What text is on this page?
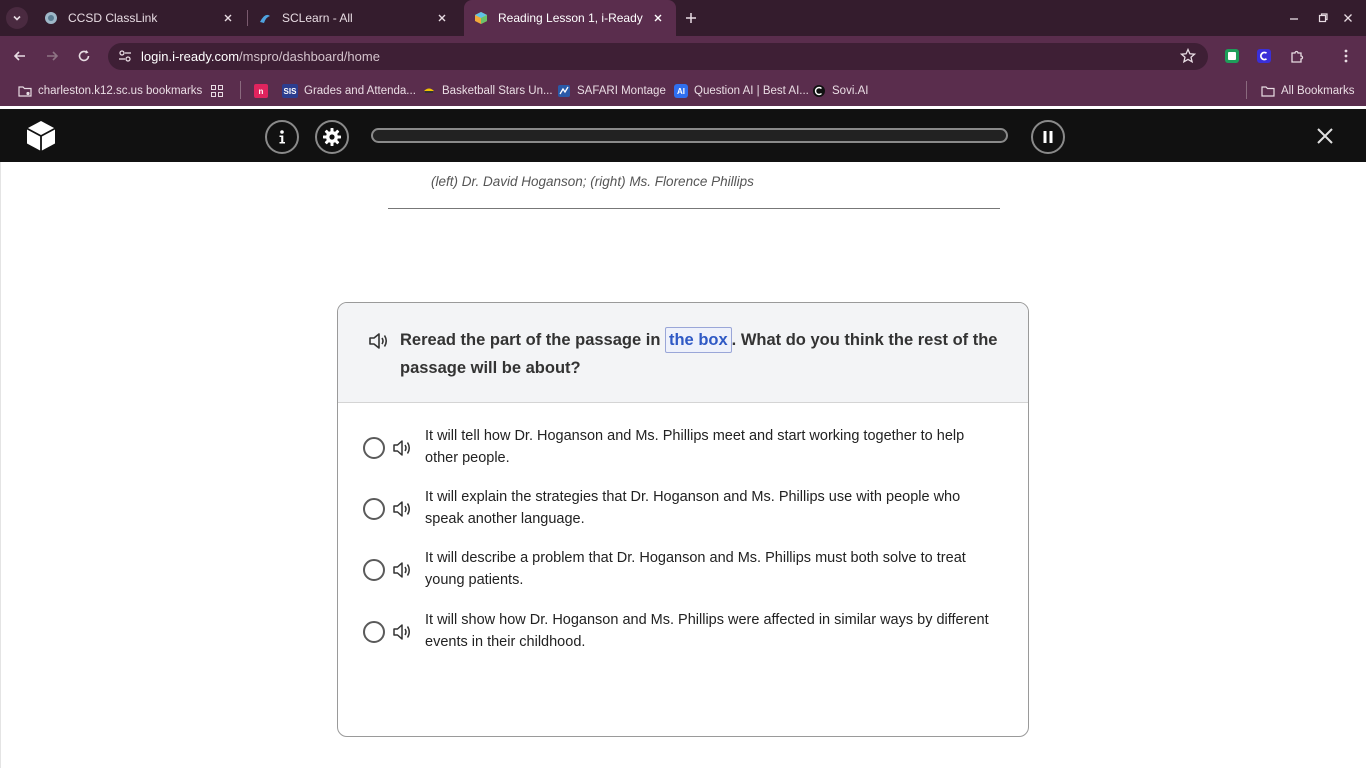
CCSD ClassLink	SCLearn - All	Reading Lesson 1, i-Ready
login.i-ready.com/mspro/dashboard/home
charleston.k12.sc.us bookmarks	n	SIS Grades and Attenda... Basketball Stars Un... SAFARI Montage	AI Question AI | Best AI... Sovi.AI	All Bookmarks
(left) Dr. David Hoganson; (right) Ms. Florence Phillips
Reread the part of the passage in the box . What do you think the rest of the passage will be about?
It will tell how Dr. Hoganson and Ms. Phillips meet and start working together to help other people.
It will explain the strategies that Dr. Hoganson and Ms. Phillips use with people who speak another language.
It will describe a problem that Dr. Hoganson and Ms. Phillips must both solve to treat young patients.
It will show how Dr. Hoganson and Ms. Phillips were affected in similar ways by different events in their childhood.
